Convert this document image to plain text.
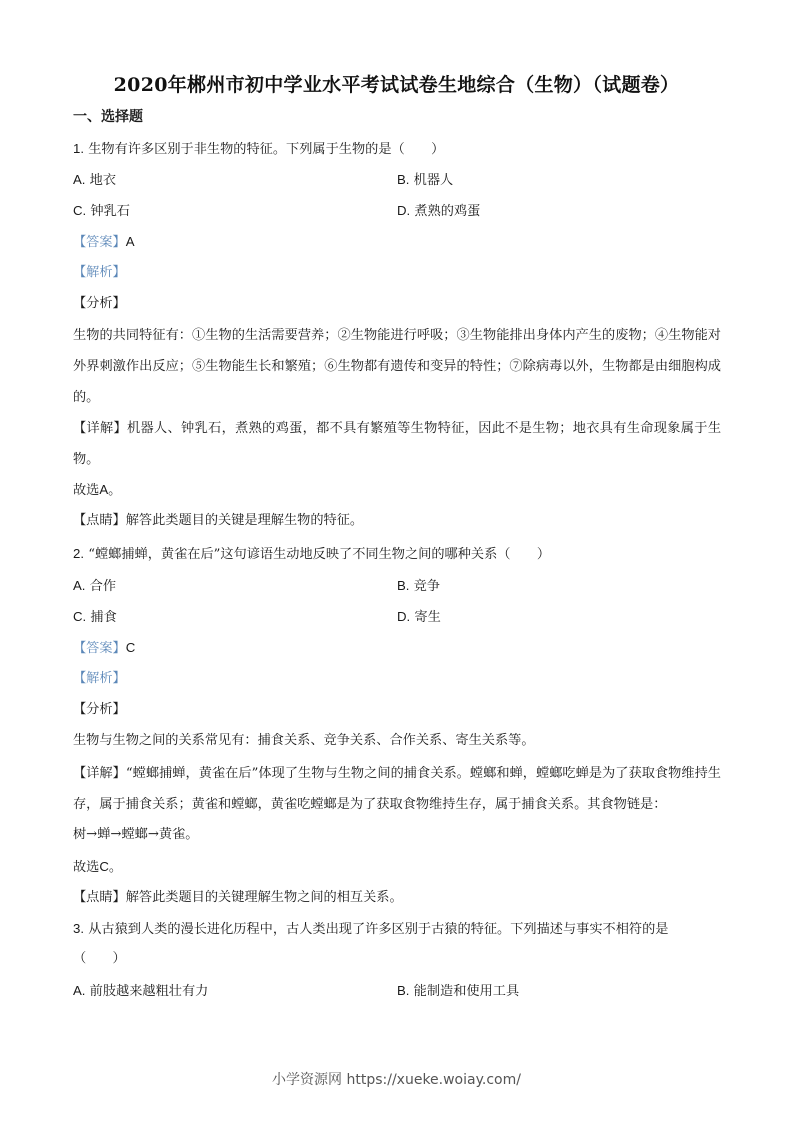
2020年郴州市初中学业水平考试试卷生地综合（生物）（试题卷）
一、选择题
1. 生物有许多区别于非生物的特征。下列属于生物的是（　　）
A. 地衣	B. 机器人
C. 钟乳石	D. 煮熟的鸡蛋
【答案】A
【解析】
【分析】
生物的共同特征有：①生物的生活需要营养；②生物能进行呼吸；③生物能排出身体内产生的废物；④生物能对外界刺激作出反应；⑤生物能生长和繁殖；⑥生物都有遗传和变异的特性；⑦除病毒以外，生物都是由细胞构成的。
【详解】机器人、钟乳石，煮熟的鸡蛋，都不具有繁殖等生物特征，因此不是生物；地衣具有生命现象属于生物。
故选A。
【点睛】解答此类题目的关键是理解生物的特征。
2. “螳螂捕蝉，黄雀在后”这句谚语生动地反映了不同生物之间的哪种关系（　　）
A. 合作	B. 竞争
C. 捕食	D. 寄生
【答案】C
【解析】
【分析】
生物与生物之间的关系常见有：捕食关系、竞争关系、合作关系、寄生关系等。
【详解】“螳螂捕蝉，黄雀在后”体现了生物与生物之间的捕食关系。螳螂和蝉，螳螂吃蝉是为了获取食物维持生存，属于捕食关系；黄雀和螳螂，黄雀吃螳螂是为了获取食物维持生存，属于捕食关系。其食物链是：
树→蝉→螳螂→黄雀。
故选C。
【点睛】解答此类题目的关键理解生物之间的相互关系。
3. 从古猿到人类的漫长进化历程中，古人类出现了许多区别于古猿的特征。下列描述与事实不相符的是
（　　）
A. 前肢越来越粗壮有力	B. 能制造和使用工具
小学资源网 https://xueke.woiay.com/
